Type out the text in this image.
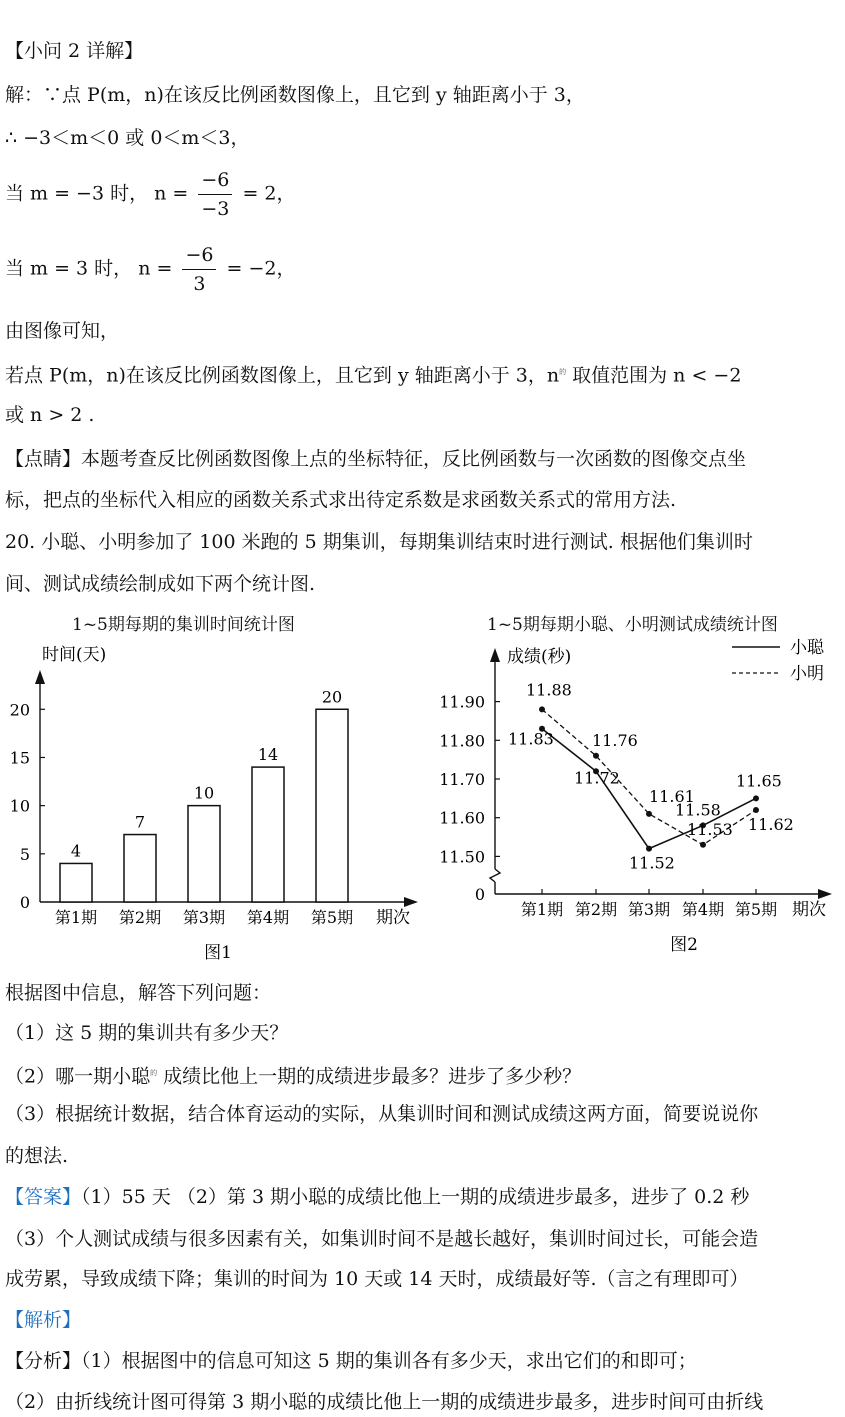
【小问 2 详解】
解：∵点 P(m，n)在该反比例函数图像上，且它到 y 轴距离小于 3，
∴ −3＜m＜0 或 0＜m＜3，
当 m = −3 时， $n = \frac{-6}{-3} = 2$，
当 m = 3 时， $n = \frac{-6}{3} = -2$，
由图像可知，
若点 P(m，n)在该反比例函数图像上，且它到 y 轴距离小于 3，$n^的$ 取值范围为 n < −2
或 n > 2 .
【点睛】本题考查反比例函数图像上点的坐标特征，反比例函数与一次函数的图像交点坐
标，把点的坐标代入相应的函数关系式求出待定系数是求函数关系式的常用方法.
20. 小聪、小明参加了 100 米跑的 5 期集训，每期集训结束时进行测试. 根据他们集训时
间、测试成绩绘制成如下两个统计图.
1~5期每期的集训时间统计图
时间(天)
期次
图1
0
5
10
15
20
4
第1期
7
第2期
10
第3期
14
第4期
20
第5期
1~5期每期小聪、小明测试成绩统计图
成绩(秒)
期次
小聪
小明
图2
0
11.90
11.80
11.70
11.60
11.50
第1期 第2期 第3期 第4期 第5期
11.83
11.72
11.52
11.58
11.65
11.88
11.76
11.61
11.53 11.62
根据图中信息，解答下列问题：
（1）这 5 期的集训共有多少天？
（2）哪一期小聪$^的$ 成绩比他上一期的成绩进步最多？进步了多少秒？
（3）根据统计数据，结合体育运动的实际，从集训时间和测试成绩这两方面，简要说说你
的想法.
【答案】（1）55 天 （2）第 3 期小聪的成绩比他上一期的成绩进步最多，进步了 0.2 秒
（3）个人测试成绩与很多因素有关，如集训时间不是越长越好，集训时间过长，可能会造
成劳累，导致成绩下降；集训的时间为 10 天或 14 天时，成绩最好等.（言之有理即可）
【解析】
【分析】（1）根据图中的信息可知这 5 期的集训各有多少天，求出它们的和即可；
（2）由折线统计图可得第 3 期小聪的成绩比他上一期的成绩进步最多，进步时间可由折线
